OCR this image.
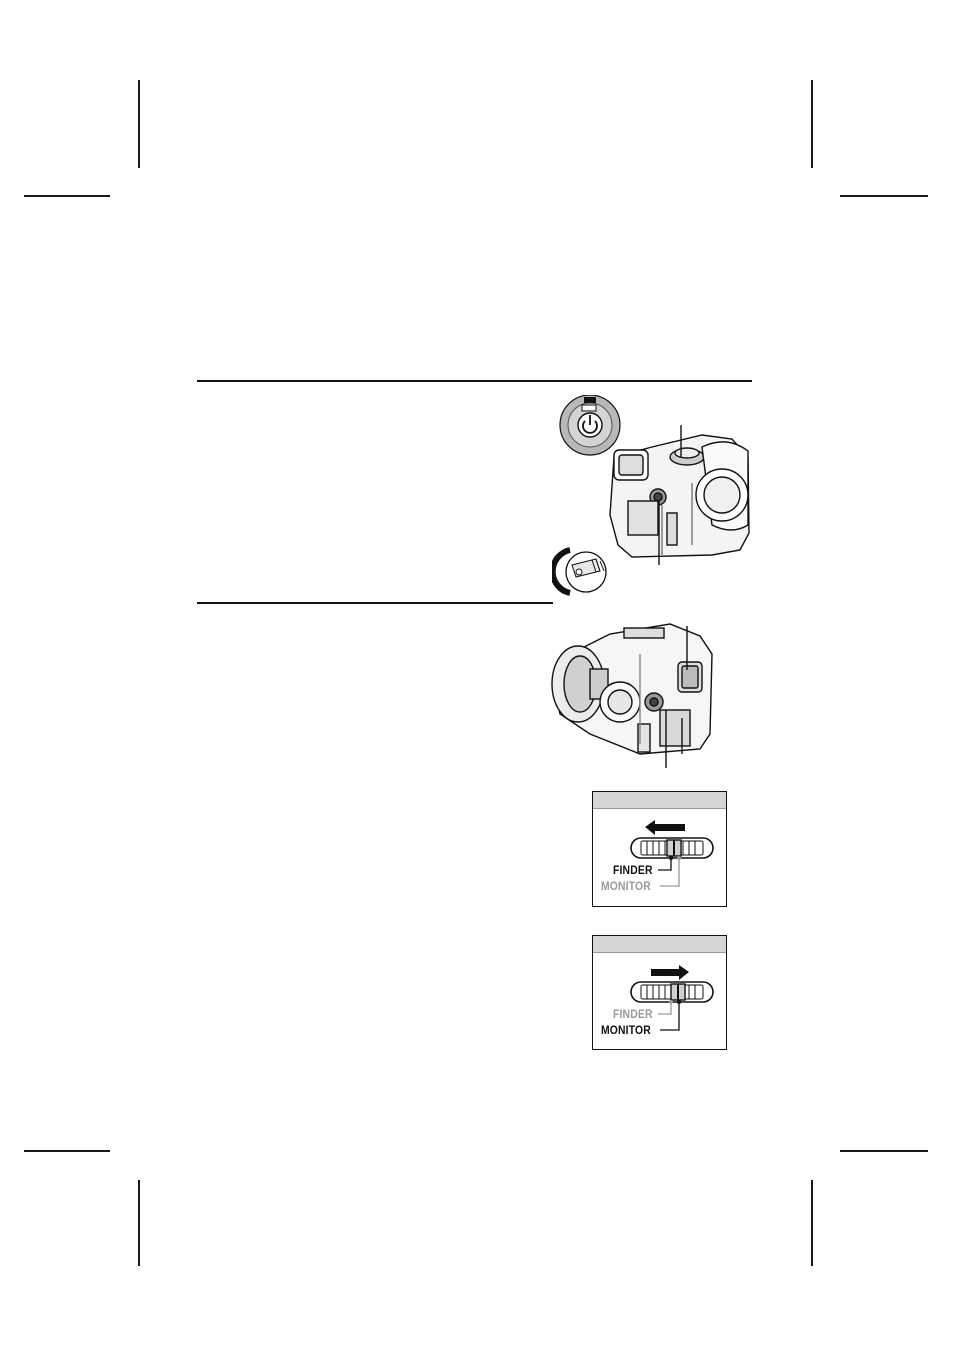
FINDER
MONITOR
FINDER
MONITOR
